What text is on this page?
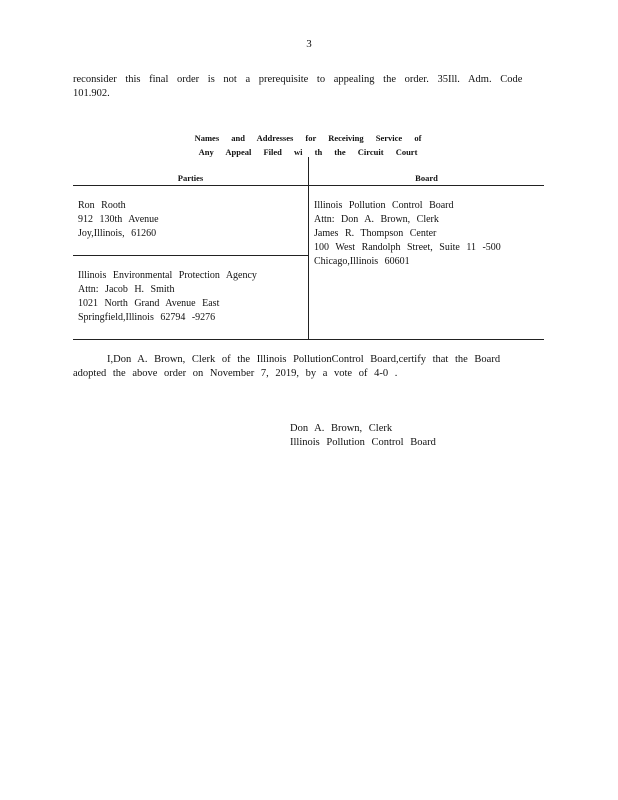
3
reconsider this final order is not a prerequisite to appealing the order. 35Ill. Adm. Code
101.902.
Names and Addresses for Receiving Service of
Any Appeal Filed wi th the Circuit Court
Parties	Board
Ron Rooth
912 130th Avenue
Joy,Illinois, 61260
Illinois Environmental Protection Agency
Attn: Jacob H. Smith
1021 North Grand Avenue East
Springfield,Illinois 62794 -9276
Illinois Pollution Control Board
Attn: Don A. Brown, Clerk
James R. Thompson Center
100 West Randolph Street, Suite 11 -500
Chicago,Illinois 60601
I,Don A. Brown, Clerk of the Illinois PollutionControl Board,certify that the Board
adopted the above order on November 7, 2019, by a vote of 4-0 .
Don A. Brown, Clerk
Illinois Pollution Control Board
